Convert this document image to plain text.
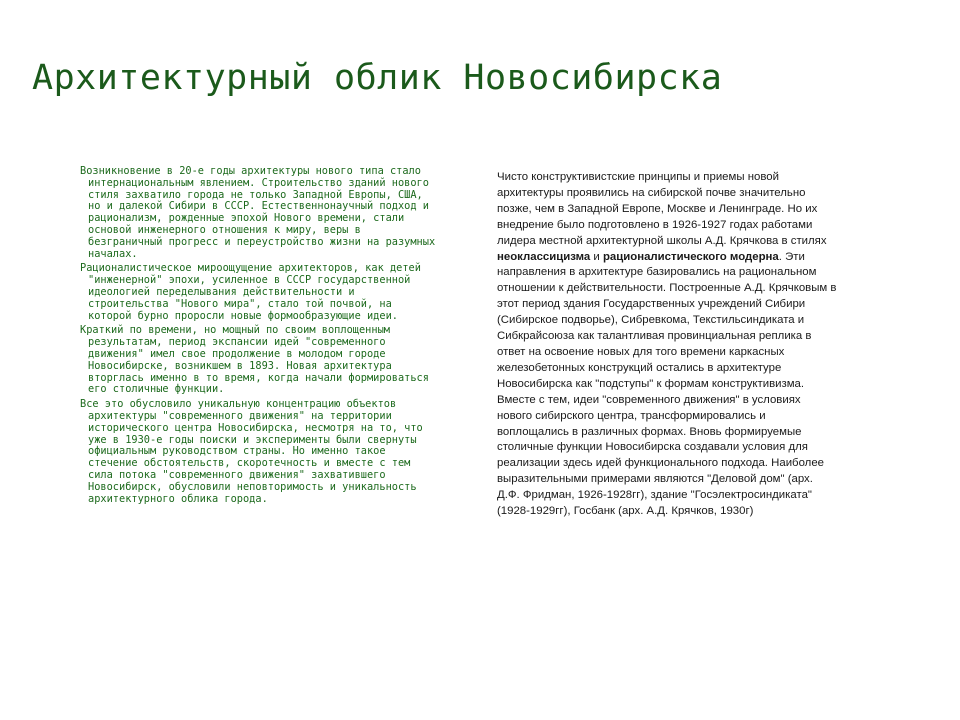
Архитектурный облик Новосибирска

Возникновение в 20-е годы архитектуры нового типа стало интернациональным явлением. Строительство зданий нового стиля захватило города не только Западной Европы, США, но и далекой Сибири в СССР. Естественнонаучный подход и рационализм, рожденные эпохой Нового времени, стали основой инженерного отношения к миру, веры в безграничный прогресс и переустройство жизни на разумных началах.

Рационалистическое мироощущение архитекторов, как детей "инженерной" эпохи, усиленное в СССР государственной идеологией переделывания действительности и строительства "Нового мира", стало той почвой, на которой бурно проросли новые формообразующие идеи.

Краткий по времени, но мощный по своим воплощенным результатам, период экспансии идей "современного движения" имел свое продолжение в молодом городе Новосибирске, возникшем в 1893. Новая архитектура вторглась именно в то время, когда начали формироваться его столичные функции.

Все это обусловило уникальную концентрацию объектов архитектуры "современного движения" на территории исторического центра Новосибирска, несмотря на то, что уже в 1930-е годы поиски и эксперименты были свернуты официальным руководством страны. Но именно такое стечение обстоятельств, скоротечность и вместе с тем сила потока "современного движения" захватившего Новосибирск, обусловили неповторимость и уникальность архитектурного облика города.

Чисто конструктивистские принципы и приемы новой архитектуры проявились на сибирской почве значительно позже, чем в Западной Европе, Москве и Ленинграде. Но их внедрение было подготовлено в 1926-1927 годах работами лидера местной архитектурной школы А.Д. Крячкова в стилях неоклассицизма и рационалистического модерна. Эти направления в архитектуре базировались на рациональном отношении к действительности. Построенные А.Д. Крячковым в этот период здания Государственных учреждений Сибири (Сибирское подворье), Сибревкома, Текстильсиндиката и Сибкрайсоюза как талантливая провинциальная реплика в ответ на освоение новых для того времени каркасных железобетонных конструкций остались в архитектуре Новосибирска как "подступы" к формам конструктивизма.

Вместе с тем, идеи "современного движения" в условиях нового сибирского центра, трансформировались и воплощались в различных формах. Вновь формируемые столичные функции Новосибирска создавали условия для реализации здесь идей функционального подхода. Наиболее выразительными примерами являются "Деловой дом" (арх. Д.Ф. Фридман, 1926-1928гг), здание "Госэлектросиндиката" (1928-1929гг), Госбанк (арх. А.Д. Крячков, 1930г)
